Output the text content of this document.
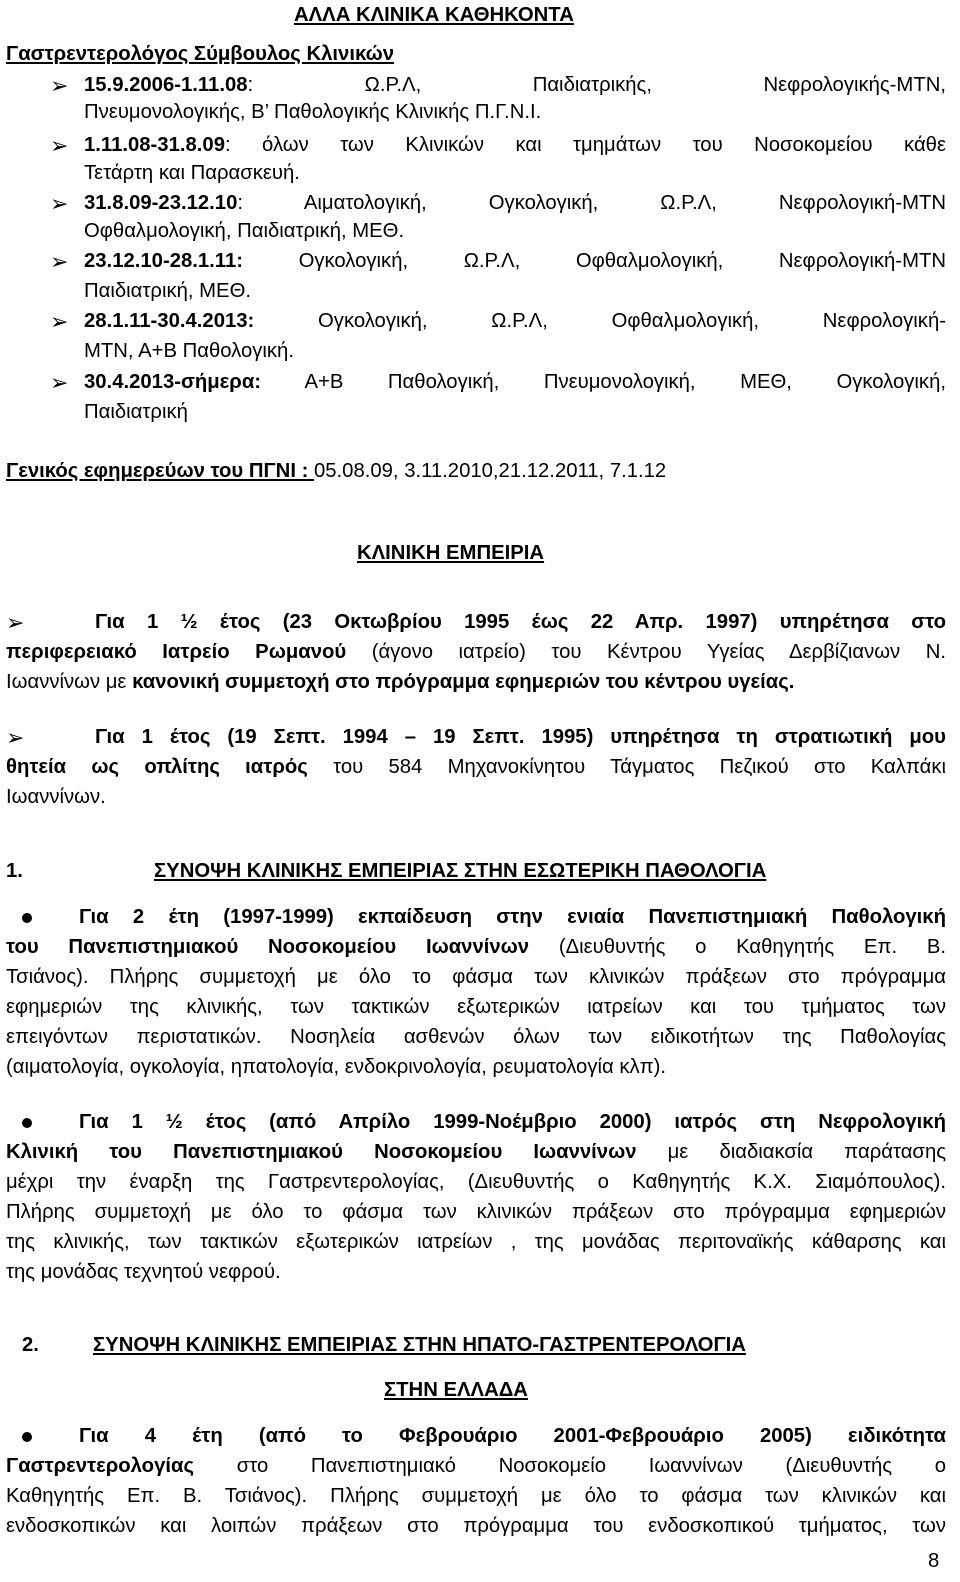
ΑΛΛΑ ΚΛΙΝΙΚΑ ΚΑΘΗΚΟΝΤΑ
Γαστρεντερολόγος Σύμβουλος Κλινικών
➢ 15.9.2006-1.11.08: Ω.Ρ.Λ, Παιδιατρικής, Νεφρολογικής-ΜΤΝ,
Πνευμονολογικής, Β’ Παθολογικής Κλινικής Π.Γ.Ν.Ι.
➢ 1.11.08-31.8.09: όλων των Κλινικών και τμημάτων του Νοσοκομείου κάθε
Τετάρτη και Παρασκευή.
➢ 31.8.09-23.12.10: Αιματολογική, Ογκολογική, Ω.Ρ.Λ, Νεφρολογική-ΜΤΝ
Οφθαλμολογική, Παιδιατρική, ΜΕΘ.
➢ 23.12.10-28.1.11: Ογκολογική, Ω.Ρ.Λ, Οφθαλμολογική, Νεφρολογική-ΜΤΝ
Παιδιατρική, ΜΕΘ.
➢ 28.1.11-30.4.2013: Ογκολογική, Ω.Ρ.Λ, Οφθαλμολογική, Νεφρολογική-
ΜΤΝ, Α+Β Παθολογική.
➢ 30.4.2013-σήμερα: Α+Β Παθολογική, Πνευμονολογική, ΜΕΘ, Ογκολογική,
Παιδιατρική
Γενικός εφημερεύων του ΠΓΝΙ : 05.08.09, 3.11.2010,21.12.2011, 7.1.12
ΚΛΙΝΙΚΗ ΕΜΠΕΙΡΙΑ
➢	Για 1 ½ έτος (23 Οκτωβρίου 1995 έως 22 Απρ. 1997) υπηρέτησα στο
περιφερειακό Ιατρείο Ρωμανού (άγονο ιατρείο) του Κέντρου Υγείας Δερβίζιανων Ν.
Ιωαννίνων με κανονική συμμετοχή στο πρόγραμμα εφημεριών του κέντρου υγείας.
➢	Για 1 έτος (19 Σεπτ. 1994 – 19 Σεπτ. 1995) υπηρέτησα τη στρατιωτική μου
θητεία ως οπλίτης ιατρός του 584 Μηχανοκίνητου Τάγματος Πεζικού στο Καλπάκι
Ιωαννίνων.
1.	ΣΥΝΟΨΗ ΚΛΙΝΙΚΗΣ ΕΜΠΕΙΡΙΑΣ ΣΤΗΝ ΕΣΩΤΕΡΙΚΗ ΠΑΘΟΛΟΓΙΑ
Για 2 έτη (1997-1999) εκπαίδευση στην ενιαία Πανεπιστημιακή Παθολογική
του Πανεπιστημιακού Νοσοκομείου Ιωαννίνων (Διευθυντής ο Καθηγητής Επ. Β.
Τσιάνος). Πλήρης συμμετοχή με όλο το φάσμα των κλινικών πράξεων στο πρόγραμμα
εφημεριών της κλινικής, των τακτικών εξωτερικών ιατρείων και του τμήματος των
επειγόντων περιστατικών. Νοσηλεία ασθενών όλων των ειδικοτήτων της Παθολογίας
(αιματολογία, ογκολογία, ηπατολογία, ενδοκρινολογία, ρευματολογία κλπ).
Για 1 ½ έτος (από Απρίλο 1999-Νοέμβριο 2000) ιατρός στη Νεφρολογική
Κλινική του Πανεπιστημιακού Νοσοκομείου Ιωαννίνων με διαδιακσία παράτασης
μέχρι την έναρξη της Γαστρεντερολογίας, (Διευθυντής ο Καθηγητής Κ.Χ. Σιαμόπουλος).
Πλήρης συμμετοχή με όλο το φάσμα των κλινικών πράξεων στο πρόγραμμα εφημεριών
της κλινικής, των τακτικών εξωτερικών ιατρείων , της μονάδας περιτοναϊκής κάθαρσης και
της μονάδας τεχνητού νεφρού.
2.	ΣΥΝΟΨΗ ΚΛΙΝΙΚΗΣ ΕΜΠΕΙΡΙΑΣ ΣΤΗΝ ΗΠΑΤΟ-ΓΑΣΤΡΕΝΤΕΡΟΛΟΓΙΑ
ΣΤΗΝ ΕΛΛΑΔΑ
Για 4 έτη (από το Φεβρουάριο 2001-Φεβρουάριο 2005) ειδικότητα
Γαστρεντερολογίας στο Πανεπιστημιακό Νοσοκομείο Ιωαννίνων (Διευθυντής ο
Καθηγητής Επ. Β. Τσιάνος). Πλήρης συμμετοχή με όλο το φάσμα των κλινικών και
ενδοσκοπικών και λοιπών πράξεων στο πρόγραμμα του ενδοσκοπικού τμήματος, των
8
